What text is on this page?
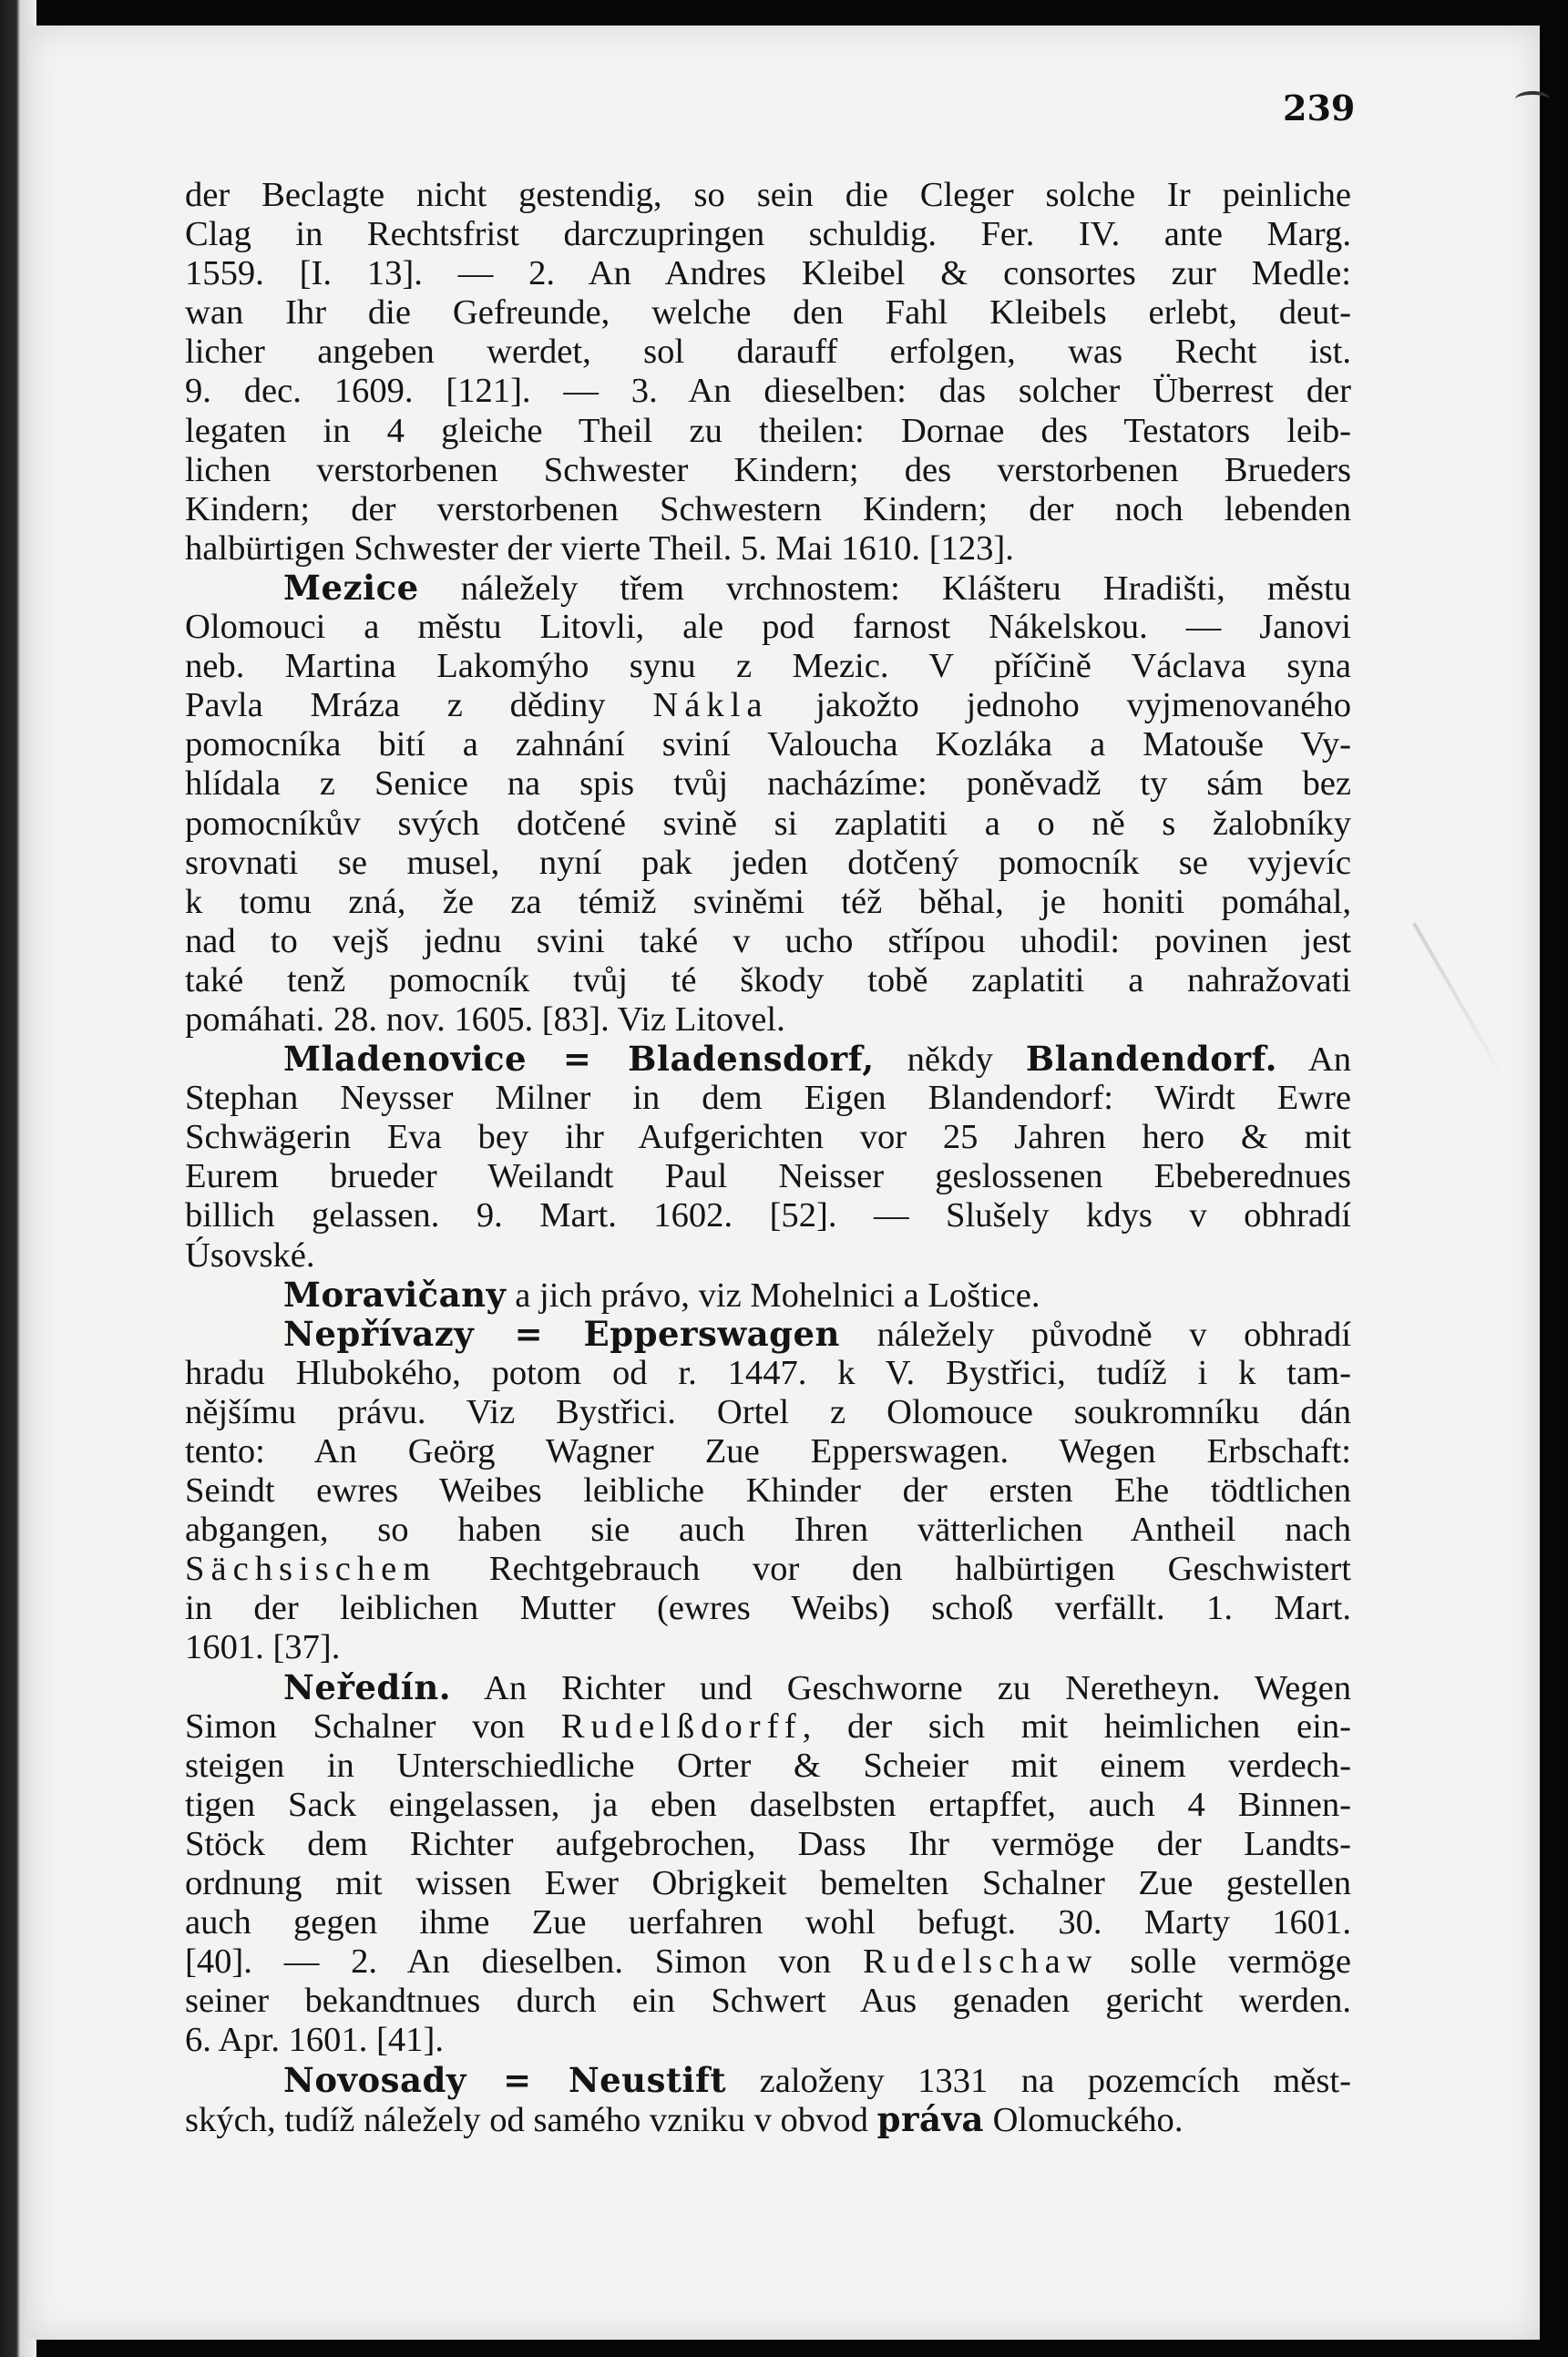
239
der Beclagte nicht gestendig, so sein die Cleger solche Ir peinliche
Clag in Rechtsfrist darczupringen schuldig. Fer. IV. ante Marg.
1559. [I. 13]. — 2. An Andres Kleibel & consortes zur Medle:
wan Ihr die Gefreunde, welche den Fahl Kleibels erlebt, deut-
licher angeben werdet, sol darauff erfolgen, was Recht ist.
9. dec. 1609. [121]. — 3. An dieselben: das solcher Überrest der
legaten in 4 gleiche Theil zu theilen: Dornae des Testators leib-
lichen verstorbenen Schwester Kindern; des verstorbenen Brueders
Kindern; der verstorbenen Schwestern Kindern; der noch lebenden
halbürtigen Schwester der vierte Theil. 5. Mai 1610. [123].
Mezice náležely třem vrchnostem: Klášteru Hradišti, městu
Olomouci a městu Litovli, ale pod farnost Nákelskou. — Janovi
neb. Martina Lakomýho synu z Mezic. V příčině Václava syna
Pavla Mráza z dědiny Nákla jakožto jednoho vyjmenovaného
pomocníka bití a zahnání sviní Valoucha Kozláka a Matouše Vy-
hlídala z Senice na spis tvůj nacházíme: poněvadž ty sám bez
pomocníkův svých dotčené svině si zaplatiti a o ně s žalobníky
srovnati se musel, nyní pak jeden dotčený pomocník se vyjevíc
k tomu zná, že za témiž sviněmi též běhal, je honiti pomáhal,
nad to vejš jednu svini také v ucho střípou uhodil: povinen jest
také tenž pomocník tvůj té škody tobě zaplatiti a nahražovati
pomáhati. 28. nov. 1605. [83]. Viz Litovel.
Mladenovice = Bladensdorf, někdy Blandendorf. An
Stephan Neysser Milner in dem Eigen Blandendorf: Wirdt Ewre
Schwägerin Eva bey ihr Aufgerichten vor 25 Jahren hero & mit
Eurem brueder Weilandt Paul Neisser geslossenen Ebeberednues
billich gelassen. 9. Mart. 1602. [52]. — Slušely kdys v obhradí
Úsovské.
Moravičany a jich právo, viz Mohelnici a Loštice.
Nepřívazy = Epperswagen náležely původně v obhradí
hradu Hlubokého, potom od r. 1447. k V. Bystřici, tudíž i k tam-
nějšímu právu. Viz Bystřici. Ortel z Olomouce soukromníku dán
tento: An Geörg Wagner Zue Epperswagen. Wegen Erbschaft:
Seindt ewres Weibes leibliche Khinder der ersten Ehe tödtlichen
abgangen, so haben sie auch Ihren vätterlichen Antheil nach
Sächsischem Rechtgebrauch vor den halbürtigen Geschwistert
in der leiblichen Mutter (ewres Weibs) schoß verfällt. 1. Mart.
1601. [37].
Neředín. An Richter und Geschworne zu Neretheyn. Wegen
Simon Schalner von Rudelßdorff, der sich mit heimlichen ein-
steigen in Unterschiedliche Orter & Scheier mit einem verdech-
tigen Sack eingelassen, ja eben daselbsten ertapffet, auch 4 Binnen-
Stöck dem Richter aufgebrochen, Dass Ihr vermöge der Landts-
ordnung mit wissen Ewer Obrigkeit bemelten Schalner Zue gestellen
auch gegen ihme Zue uerfahren wohl befugt. 30. Marty 1601.
[40]. — 2. An dieselben. Simon von Rudelschaw solle vermöge
seiner bekandtnues durch ein Schwert Aus genaden gericht werden.
6. Apr. 1601. [41].
Novosady = Neustift založeny 1331 na pozemcích měst-
ských, tudíž náležely od samého vzniku v obvod práva Olomuckého.
